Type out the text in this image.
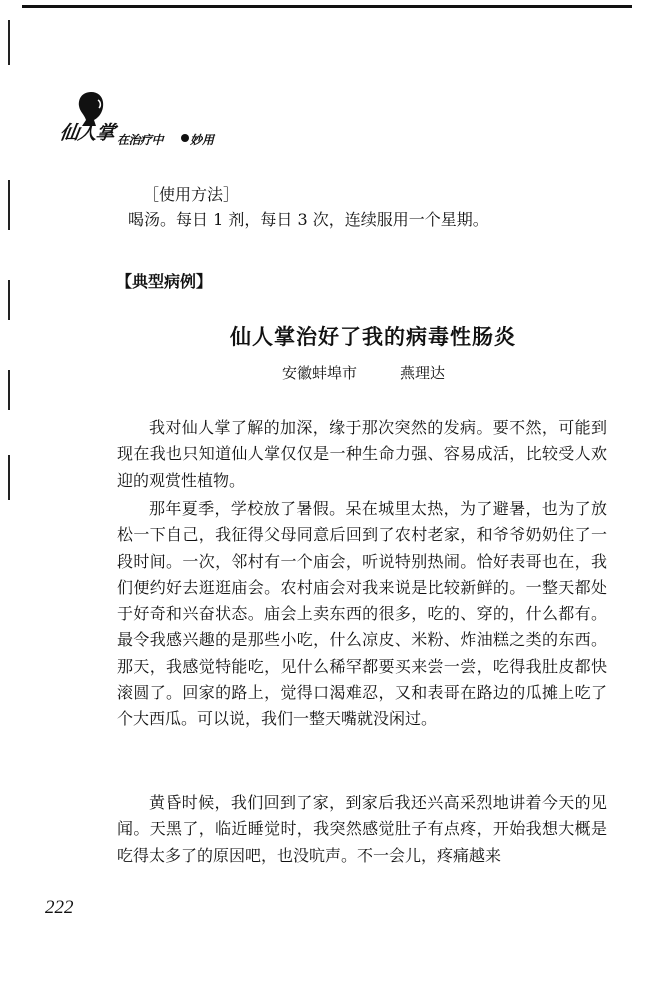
仙人掌 在治疗中 妙用
［使用方法］
喝汤。每日 1 剂，每日 3 次，连续服用一个星期。
【典型病例】
仙人掌治好了我的病毒性肠炎
安徽蚌埠市	燕理达

我对仙人掌了解的加深，缘于那次突然的发病。要不然，可能到现在我也只知道仙人掌仅仅是一种生命力强、容易成活，比较受人欢迎的观赏性植物。

那年夏季，学校放了暑假。呆在城里太热，为了避暑，也为了放松一下自己，我征得父母同意后回到了农村老家，和爷爷奶奶住了一段时间。一次，邻村有一个庙会，听说特别热闹。恰好表哥也在，我们便约好去逛逛庙会。农村庙会对我来说是比较新鲜的。一整天都处于好奇和兴奋状态。庙会上卖东西的很多，吃的、穿的，什么都有。最令我感兴趣的是那些小吃，什么凉皮、米粉、炸油糕之类的东西。那天，我感觉特能吃，见什么稀罕都要买来尝一尝，吃得我肚皮都快滚圆了。回家的路上，觉得口渴难忍，又和表哥在路边的瓜摊上吃了个大西瓜。可以说，我们一整天嘴就没闲过。

黄昏时候，我们回到了家，到家后我还兴高采烈地讲着今天的见闻。天黑了，临近睡觉时，我突然感觉肚子有点疼，开始我想大概是吃得太多了的原因吧，也没吭声。不一会儿，疼痛越来

222
